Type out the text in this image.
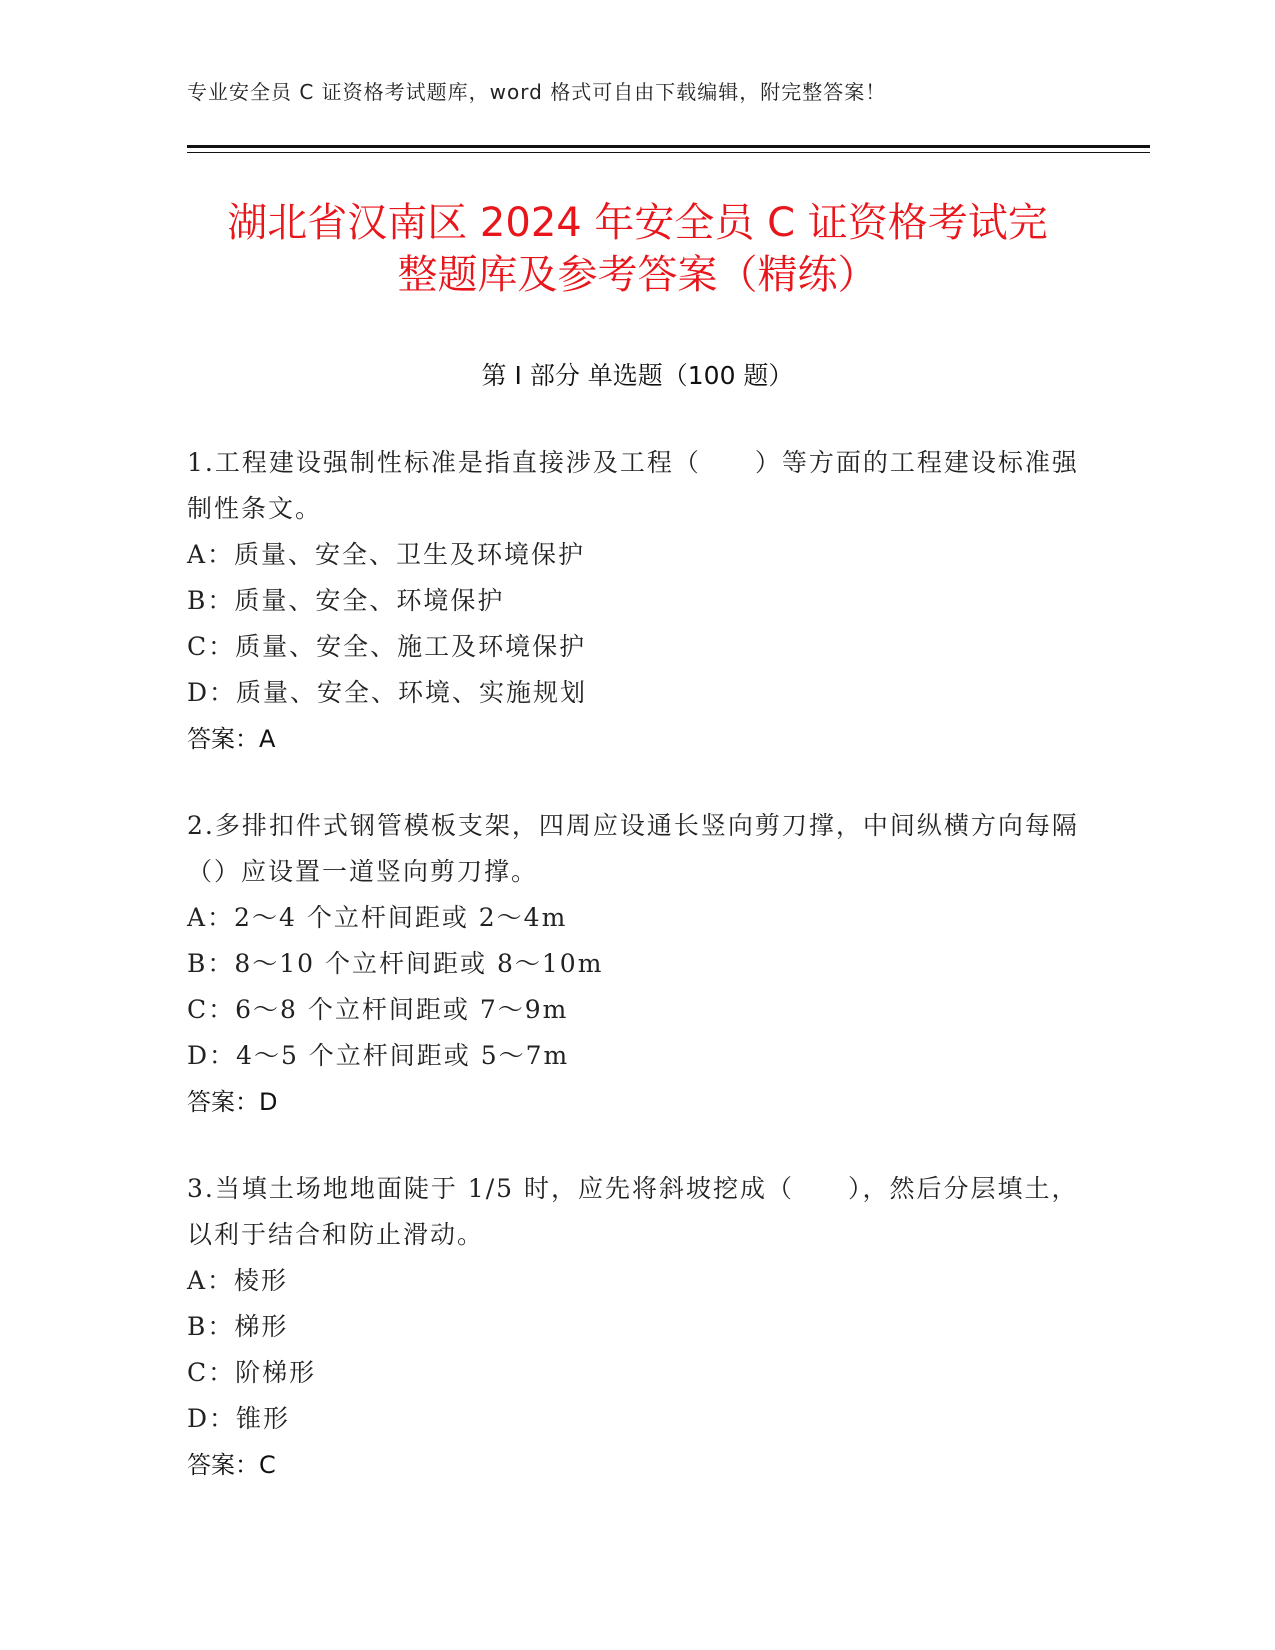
专业安全员 C 证资格考试题库，word 格式可自由下载编辑，附完整答案！
湖北省汉南区 2024 年安全员 C 证资格考试完
整题库及参考答案（精练）
第 I 部分 单选题（100 题）

1.工程建设强制性标准是指直接涉及工程（　　）等方面的工程建设标准强制性条文。

A：质量、安全、卫生及环境保护
B：质量、安全、环境保护
C：质量、安全、施工及环境保护
D：质量、安全、环境、实施规划
答案：A

2.多排扣件式钢管模板支架，四周应设通长竖向剪刀撑，中间纵横方向每隔（）应设置一道竖向剪刀撑。

A：2～4 个立杆间距或 2～4m
B：8～10 个立杆间距或 8～10m
C：6～8 个立杆间距或 7～9m
D：4～5 个立杆间距或 5～7m
答案：D

3.当填土场地地面陡于 1/5 时，应先将斜坡挖成（　　），然后分层填土，以利于结合和防止滑动。

A：棱形
B：梯形
C：阶梯形
D：锥形
答案：C
